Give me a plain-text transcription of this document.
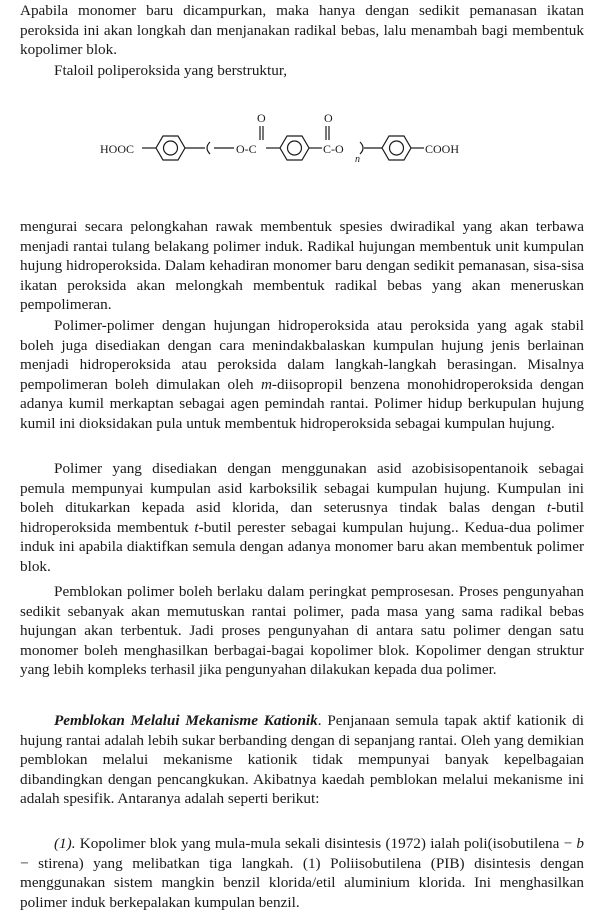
Apabila monomer baru dicampurkan, maka hanya dengan sedikit pemanasan ikatan peroksida ini akan longkah dan menjanakan radikal bebas, lalu menambah bagi membentuk kopolimer blok.

Ftaloil poliperoksida yang berstruktur,

HOOC	O-C
O
C-O
O
n
COOH

mengurai secara pelongkahan rawak membentuk spesies dwiradikal yang akan terbawa menjadi rantai tulang belakang polimer induk. Radikal hujungan membentuk unit kumpulan hujung hidroperoksida. Dalam kehadiran monomer baru dengan sedikit pemanasan, sisa-sisa ikatan peroksida akan melongkah membentuk radikal bebas yang akan meneruskan pempolimeran.

Polimer-polimer dengan hujungan hidroperoksida atau peroksida yang agak stabil boleh juga disediakan dengan cara menindakbalaskan kumpulan hujung jenis berlainan menjadi hidroperoksida atau peroksida dalam langkah-langkah berasingan. Misalnya pempolimeran boleh dimulakan oleh m-diisopropil benzena monohidroperoksida dengan adanya kumil merkaptan sebagai agen pemindah rantai. Polimer hidup berkupulan hujung kumil ini dioksidakan pula untuk membentuk hidroperoksida sebagai kumpulan hujung.

Polimer yang disediakan dengan menggunakan asid azobisisopentanoik sebagai pemula mempunyai kumpulan asid karboksilik sebagai kumpulan hujung. Kumpulan ini boleh ditukarkan kepada asid klorida, dan seterusnya tindak balas dengan t-butil hidroperoksida membentuk t-butil perester sebagai kumpulan hujung.. Kedua-dua polimer induk ini apabila diaktifkan semula dengan adanya monomer baru akan membentuk polimer blok.

Pemblokan polimer boleh berlaku dalam peringkat pemprosesan. Proses pengunyahan sedikit sebanyak akan memutuskan rantai polimer, pada masa yang sama radikal bebas hujungan akan terbentuk. Jadi proses pengunyahan di antara satu polimer dengan satu monomer boleh menghasilkan berbagai-bagai kopolimer blok. Kopolimer dengan struktur yang lebih kompleks terhasil jika pengunyahan dilakukan kepada dua polimer.

Pemblokan Melalui Mekanisme Kationik. Penjanaan semula tapak aktif kationik di hujung rantai adalah lebih sukar berbanding dengan di sepanjang rantai. Oleh yang demikian pemblokan melalui mekanisme kationik tidak mempunyai banyak kepelbagaian dibandingkan dengan pencangkukan. Akibatnya kaedah pemblokan melalui mekanisme ini adalah spesifik. Antaranya adalah seperti berikut:

(1). Kopolimer blok yang mula-mula sekali disintesis (1972) ialah poli(isobutilena − b − stirena) yang melibatkan tiga langkah. (1) Poliisobutilena (PIB) disintesis dengan menggunakan sistem mangkin benzil klorida/etil aluminium klorida. Ini menghasilkan polimer induk berkepalakan kumpulan benzil.
